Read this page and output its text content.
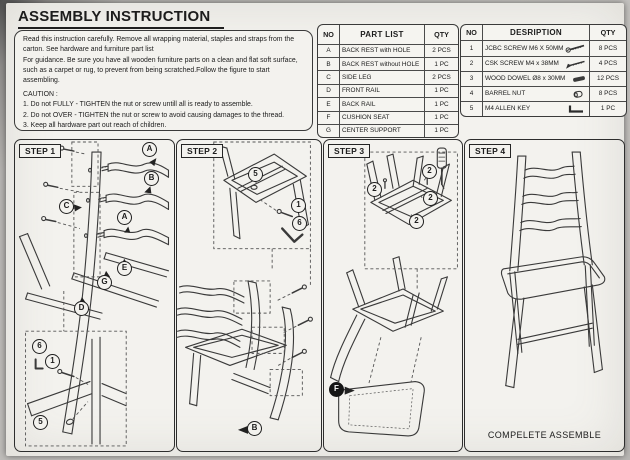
ASSEMBLY INSTRUCTION

Read this instruction carefully. Remove all wrapping material, staples and straps from the carton. See hardware and furniture part list

For guidance. Be sure you have all wooden furniture parts on a clean and flat soft surface, such as a carpet or rug, to prevent from being scratched.Follow the figure to start assembling.

CAUTION :

1. Do not FULLY - TIGHTEN the nut or screw untill all is ready to assemble.

2. Do not OVER - TIGHTEN the nut or screw to avoid causing damages to the thread.

3. Keep all hardware part out reach of children.

NO	PART LIST	QTY
A	BACK REST with HOLE	2 PCS
B	BACK REST without HOLE	1 PC
C	SIDE LEG	2 PCS
D	FRONT RAIL	1 PC
E	BACK RAIL	1 PC
F	CUSHION SEAT	1 PC
G	CENTER SUPPORT	1 PC
NO	DESRIPTION	QTY
1	JCBC SCREW M6 X 50MM	8 PCS
2	CSK SCREW M4 x 38MM	4 PCS
3	WOOD DOWEL Ø8 x 30MM	12 PCS
4	BARREL NUT	8 PCS
5	M4 ALLEN KEY	1 PC
STEP 1	A
B
A
C
E
G
D
6
1
5
STEP 2
5
1
6
B
STEP 3
2
2
2
2
F
STEP 4
COMPELETE ASSEMBLE
